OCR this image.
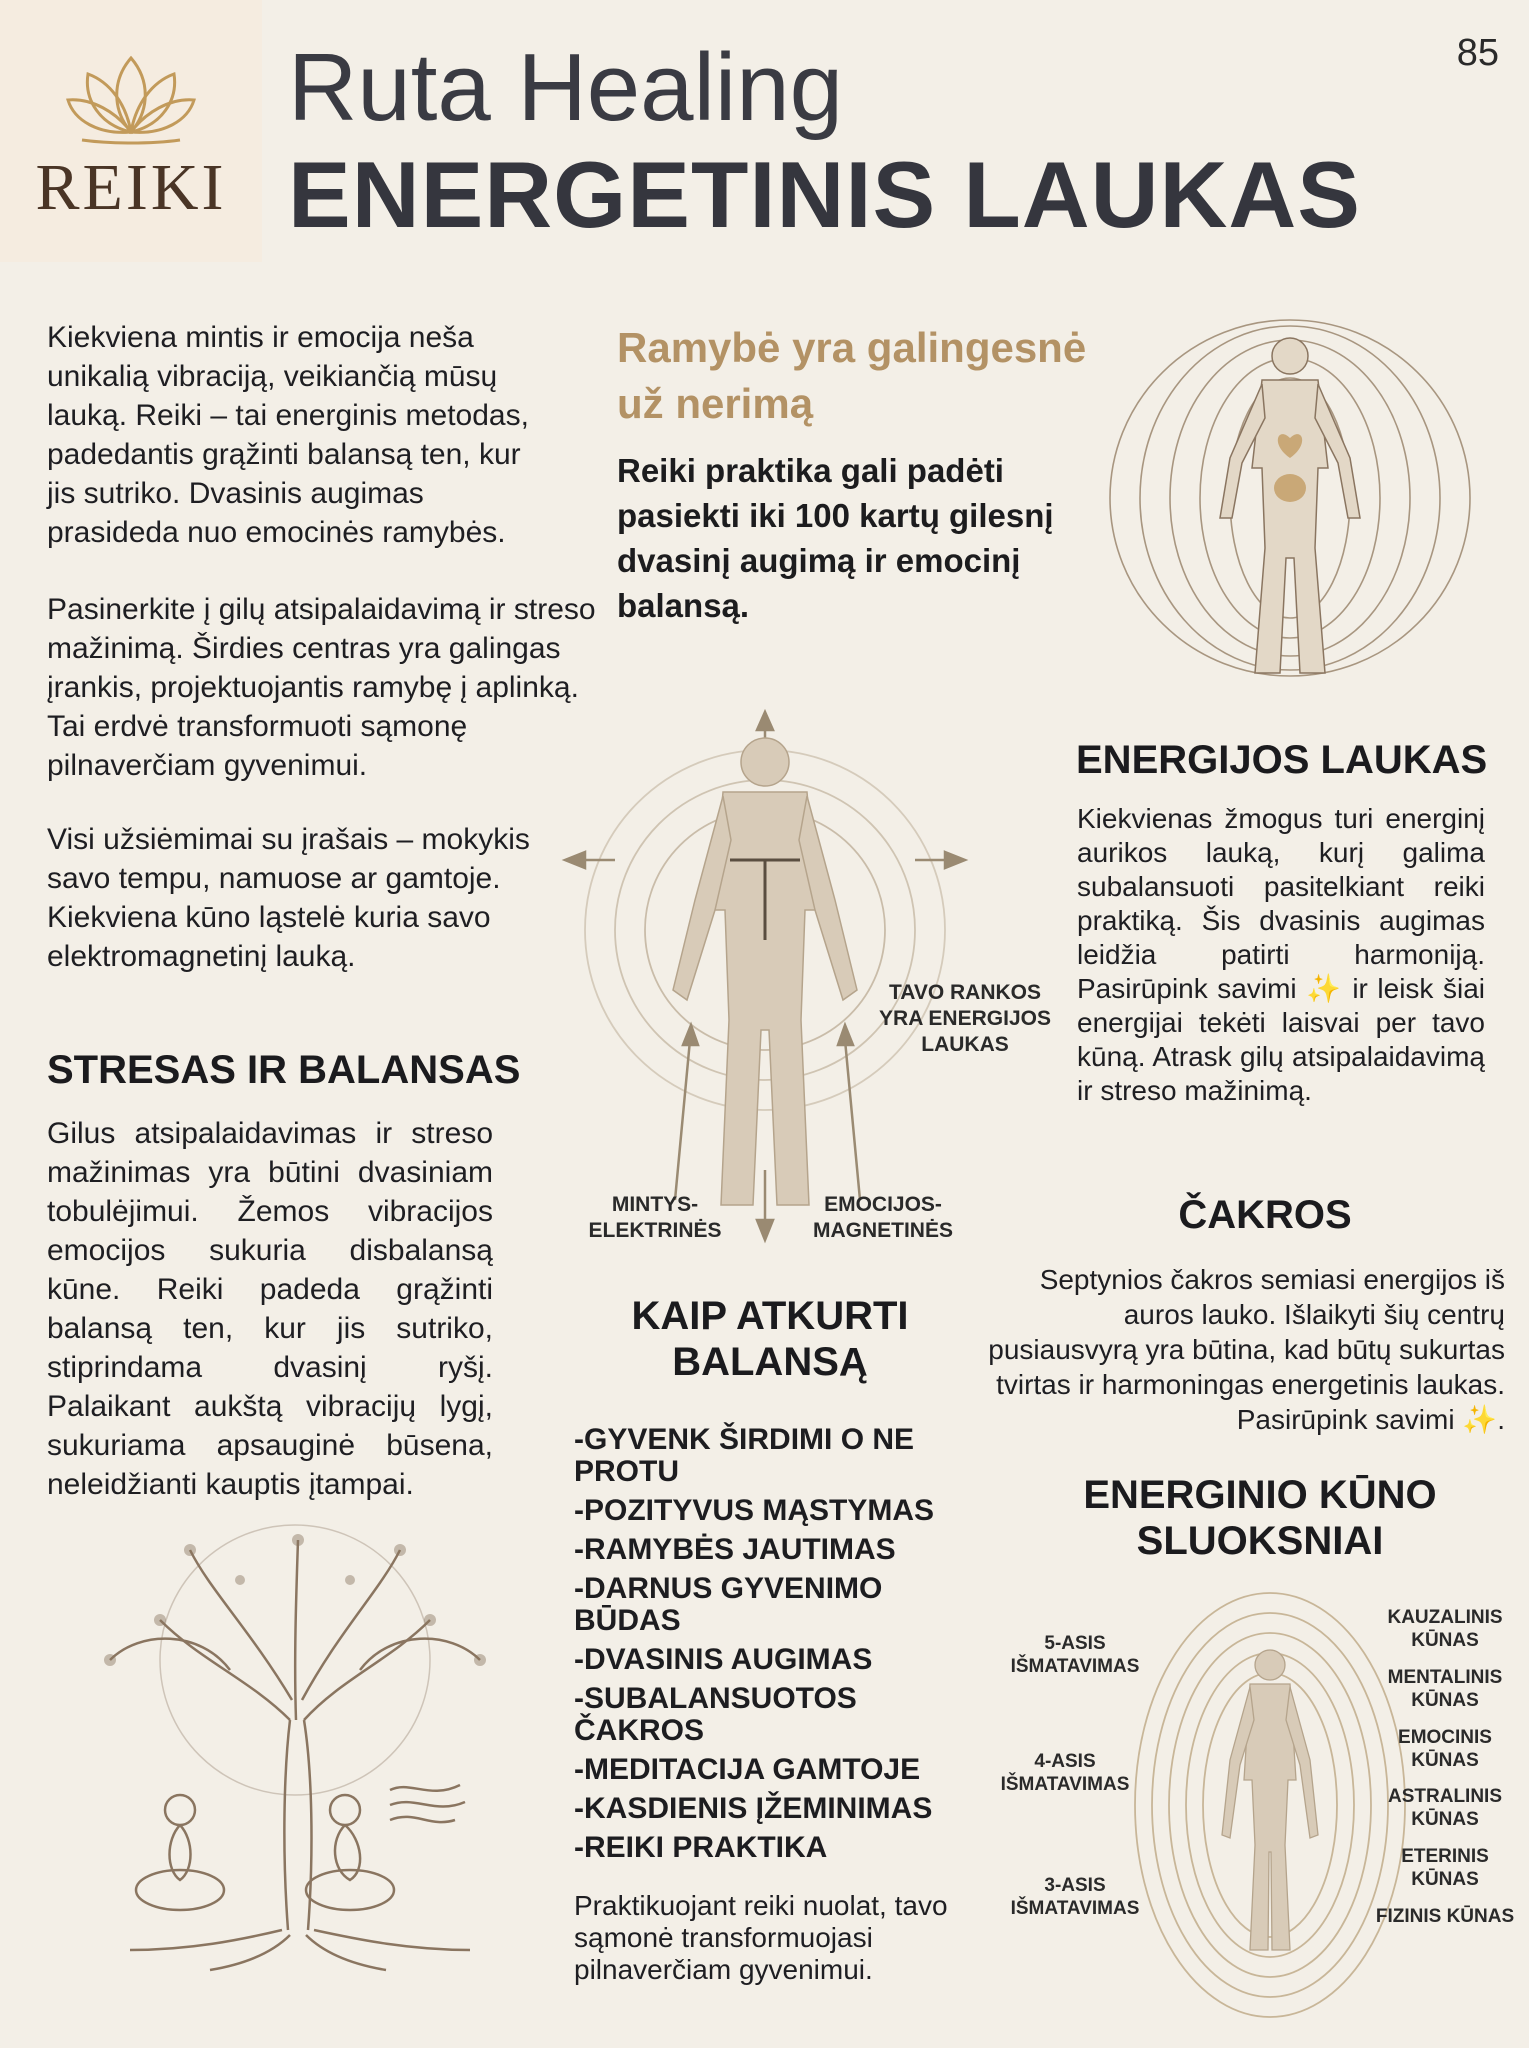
REIKI
Ruta Healing
ENERGETINIS LAUKAS
85

Kiekviena mintis ir emocija neša unikalią vibraciją, veikiančią mūsų lauką. Reiki – tai energinis metodas, padedantis grąžinti balansą ten, kur jis sutriko. Dvasinis augimas prasideda nuo emocinės ramybės.

Pasinerkite į gilų atsipalaidavimą ir streso mažinimą. Širdies centras yra galingas įrankis, projektuojantis ramybę į aplinką. Tai erdvė transformuoti sąmonę pilnaverčiam gyvenimui.

Visi užsiėmimai su įrašais – mokykis savo tempu, namuose ar gamtoje. Kiekviena kūno ląstelė kuria savo elektromagnetinį lauką.

STRESAS IR BALANSAS

Gilus atsipalaidavimas ir streso mažinimas yra būtini dvasiniam tobulėjimui. Žemos vibracijos emocijos sukuria disbalansą kūne. Reiki padeda grąžinti balansą ten, kur jis sutriko, stiprindama dvasinį ryšį. Palaikant aukštą vibracijų lygį, sukuriama apsauginė būsena, neleidžianti kauptis įtampai.

Ramybė yra galingesnė už nerimą

Reiki praktika gali padėti pasiekti iki 100 kartų gilesnį dvasinį augimą ir emocinį balansą.

TAVO RANKOS YRA ENERGIJOS LAUKAS
MINTYS-ELEKTRINĖS
EMOCIJOS-MAGNETINĖS
KAIP ATKURTI BALANSĄ
-GYVENK ŠIRDIMI O NE PROTU
-POZITYVUS MĄSTYMAS
-RAMYBĖS JAUTIMAS
-DARNUS GYVENIMO BŪDAS
-DVASINIS AUGIMAS
-SUBALANSUOTOS ČAKROS
-MEDITACIJA GAMTOJE
-KASDIENIS ĮŽEMINIMAS
-REIKI PRAKTIKA

Praktikuojant reiki nuolat, tavo sąmonė transformuojasi pilnaverčiam gyvenimui.

ENERGIJOS LAUKAS

Kiekvienas žmogus turi energinį aurikos lauką, kurį galima subalansuoti pasitelkiant reiki praktiką. Šis dvasinis augimas leidžia patirti harmoniją. Pasirūpink savimi ✨ ir leisk šiai energijai tekėti laisvai per tavo kūną. Atrask gilų atsipalaidavimą ir streso mažinimą.

ČAKROS

Septynios čakros semiasi energijos iš auros lauko. Išlaikyti šių centrų pusiausvyrą yra būtina, kad būtų sukurtas tvirtas ir harmoningas energetinis laukas. Pasirūpink savimi ✨.

ENERGINIO KŪNO SLUOKSNIAI
5-ASIS IŠMATAVIMAS
4-ASIS IŠMATAVIMAS
3-ASIS IŠMATAVIMAS
KAUZALINIS KŪNAS
MENTALINIS KŪNAS
EMOCINIS KŪNAS
ASTRALINIS KŪNAS
ETERINIS KŪNAS
FIZINIS KŪNAS
